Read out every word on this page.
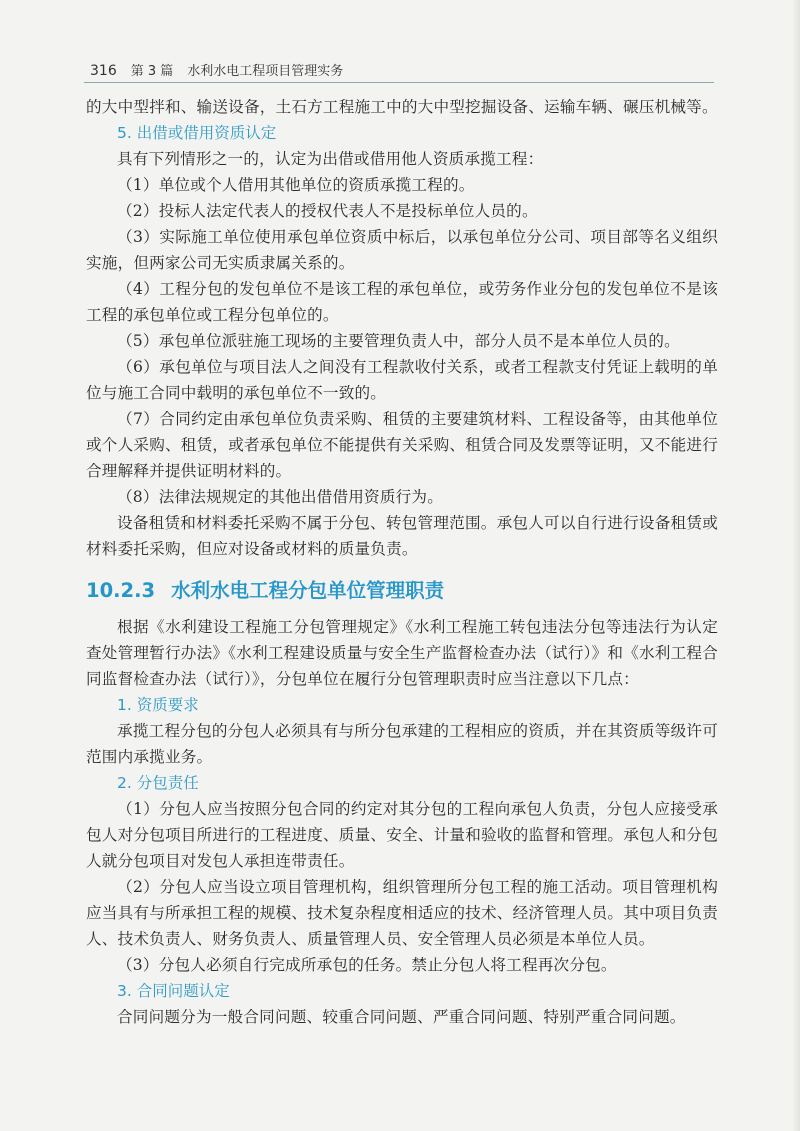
316 第 3 篇 水利水电工程项目管理实务

的大中型拌和、输送设备，土石方工程施工中的大中型挖掘设备、运输车辆、碾压机械等。

5. 出借或借用资质认定

具有下列情形之一的，认定为出借或借用他人资质承揽工程：

（1）单位或个人借用其他单位的资质承揽工程的。

（2）投标人法定代表人的授权代表人不是投标单位人员的。

（3）实际施工单位使用承包单位资质中标后，以承包单位分公司、项目部等名义组织实施，但两家公司无实质隶属关系的。

（4）工程分包的发包单位不是该工程的承包单位，或劳务作业分包的发包单位不是该工程的承包单位或工程分包单位的。

（5）承包单位派驻施工现场的主要管理负责人中，部分人员不是本单位人员的。

（6）承包单位与项目法人之间没有工程款收付关系，或者工程款支付凭证上载明的单位与施工合同中载明的承包单位不一致的。

（7）合同约定由承包单位负责采购、租赁的主要建筑材料、工程设备等，由其他单位或个人采购、租赁，或者承包单位不能提供有关采购、租赁合同及发票等证明，又不能进行合理解释并提供证明材料的。

（8）法律法规规定的其他出借借用资质行为。

设备租赁和材料委托采购不属于分包、转包管理范围。承包人可以自行进行设备租赁或材料委托采购，但应对设备或材料的质量负责。

10.2.3 水利水电工程分包单位管理职责

根据《水利建设工程施工分包管理规定》《水利工程施工转包违法分包等违法行为认定查处管理暂行办法》《水利工程建设质量与安全生产监督检查办法（试行）》和《水利工程合同监督检查办法（试行）》，分包单位在履行分包管理职责时应当注意以下几点：

1. 资质要求

承揽工程分包的分包人必须具有与所分包承建的工程相应的资质，并在其资质等级许可范围内承揽业务。

2. 分包责任

（1）分包人应当按照分包合同的约定对其分包的工程向承包人负责，分包人应接受承包人对分包项目所进行的工程进度、质量、安全、计量和验收的监督和管理。承包人和分包人就分包项目对发包人承担连带责任。

（2）分包人应当设立项目管理机构，组织管理所分包工程的施工活动。项目管理机构应当具有与所承担工程的规模、技术复杂程度相适应的技术、经济管理人员。其中项目负责人、技术负责人、财务负责人、质量管理人员、安全管理人员必须是本单位人员。

（3）分包人必须自行完成所承包的任务。禁止分包人将工程再次分包。

3. 合同问题认定

合同问题分为一般合同问题、较重合同问题、严重合同问题、特别严重合同问题。
